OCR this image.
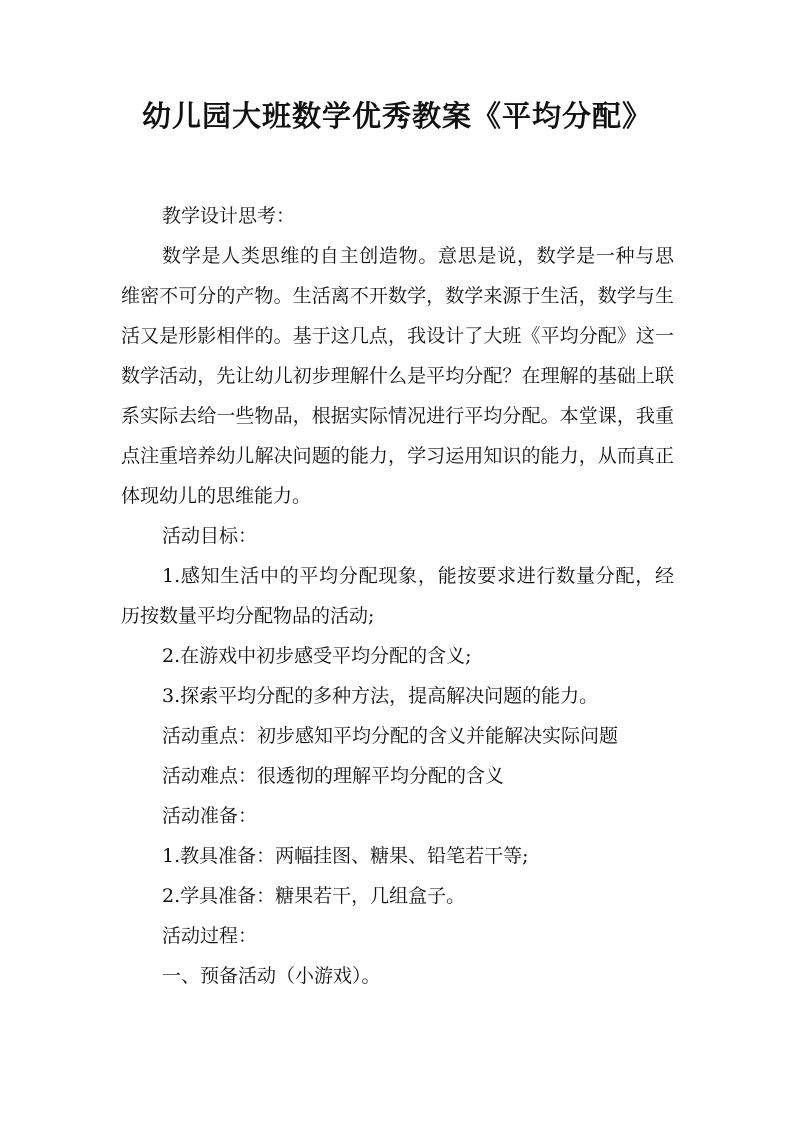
幼儿园大班数学优秀教案《平均分配》

教学设计思考：

数学是人类思维的自主创造物。意思是说，数学是一种与思维密不可分的产物。生活离不开数学，数学来源于生活，数学与生活又是形影相伴的。基于这几点，我设计了大班《平均分配》这一数学活动，先让幼儿初步理解什么是平均分配？在理解的基础上联系实际去给一些物品，根据实际情况进行平均分配。本堂课，我重点注重培养幼儿解决问题的能力，学习运用知识的能力，从而真正体现幼儿的思维能力。

活动目标：

1.感知生活中的平均分配现象，能按要求进行数量分配，经历按数量平均分配物品的活动;

2.在游戏中初步感受平均分配的含义;

3.探索平均分配的多种方法，提高解决问题的能力。

活动重点：初步感知平均分配的含义并能解决实际问题

活动难点：很透彻的理解平均分配的含义

活动准备：

1.教具准备：两幅挂图、糖果、铅笔若干等;

2.学具准备：糖果若干，几组盒子。

活动过程：

一、预备活动（小游戏）。
